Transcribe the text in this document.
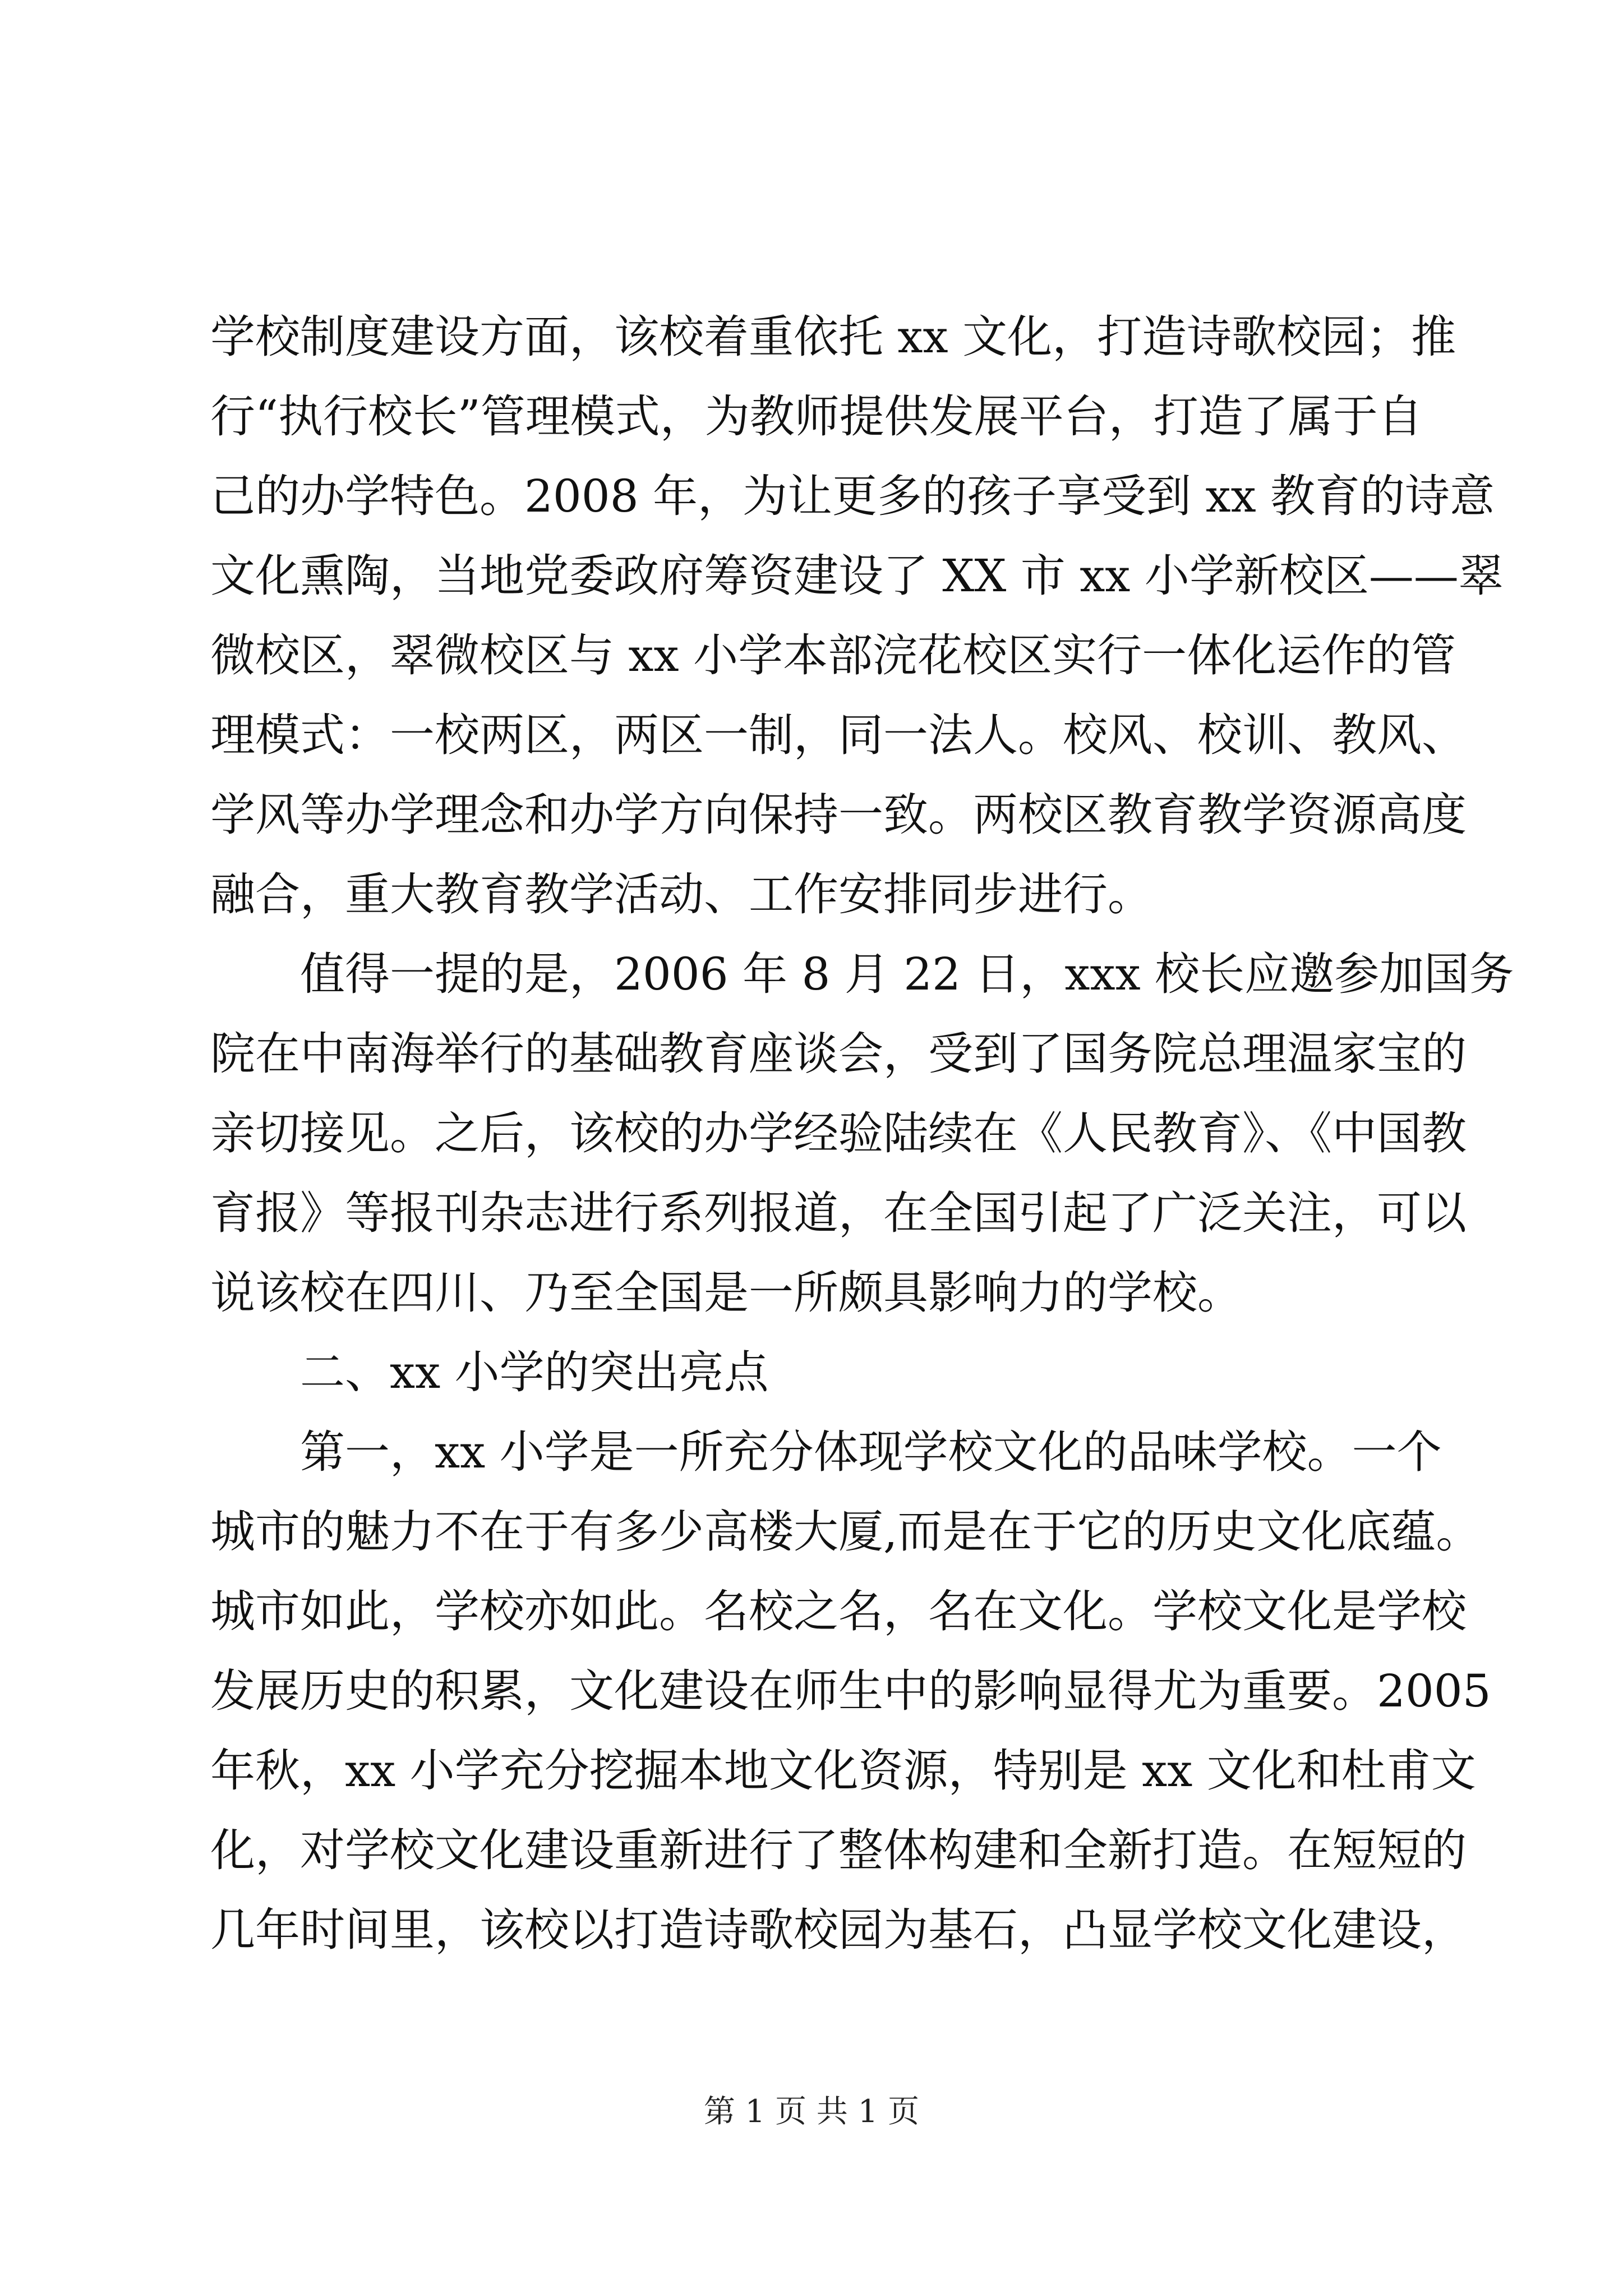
学校制度建设方面，该校着重依托 xx 文化，打造诗歌校园；推
行“执行校长”管理模式，为教师提供发展平台，打造了属于自
己的办学特色。2008 年，为让更多的孩子享受到 xx 教育的诗意
文化熏陶，当地党委政府筹资建设了 XX 市 xx 小学新校区——翠
微校区，翠微校区与 xx 小学本部浣花校区实行一体化运作的管
理模式：一校两区，两区一制，同一法人。校风、校训、教风、
学风等办学理念和办学方向保持一致。两校区教育教学资源高度
融合，重大教育教学活动、工作安排同步进行。
值得一提的是，2006 年 8 月 22 日，xxx 校长应邀参加国务
院在中南海举行的基础教育座谈会，受到了国务院总理温家宝的
亲切接见。之后，该校的办学经验陆续在《人民教育》、《中国教
育报》等报刊杂志进行系列报道，在全国引起了广泛关注，可以
说该校在四川、乃至全国是一所颇具影响力的学校。
二、xx 小学的突出亮点
第一，xx 小学是一所充分体现学校文化的品味学校。一个
城市的魅力不在于有多少高楼大厦,而是在于它的历史文化底蕴。
城市如此，学校亦如此。名校之名，名在文化。学校文化是学校
发展历史的积累，文化建设在师生中的影响显得尤为重要。2005
年秋，xx 小学充分挖掘本地文化资源，特别是 xx 文化和杜甫文
化，对学校文化建设重新进行了整体构建和全新打造。在短短的
几年时间里，该校以打造诗歌校园为基石，凸显学校文化建设，
第 1 页 共 1 页
